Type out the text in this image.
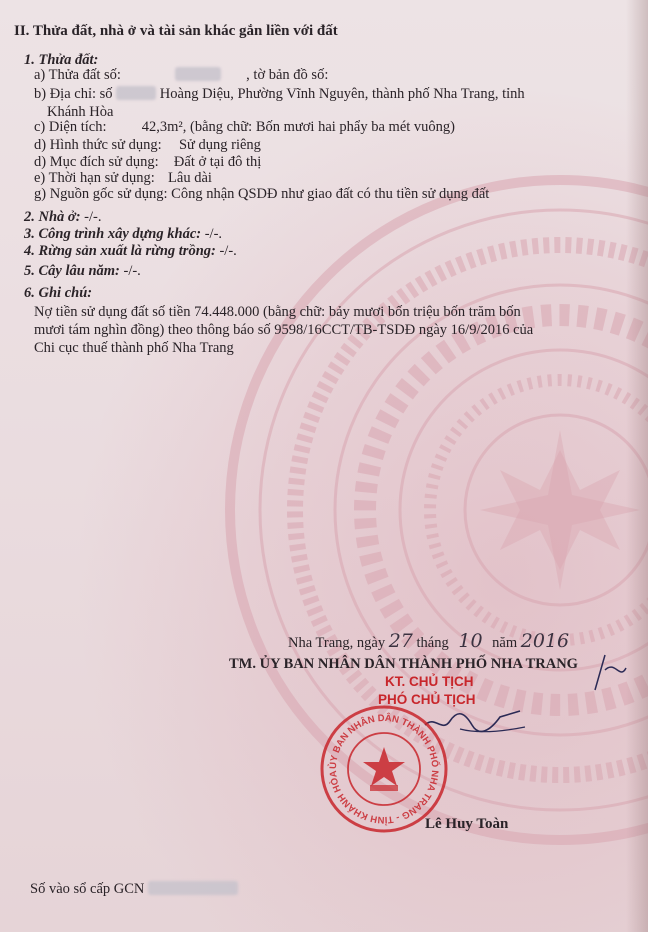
II. Thửa đất, nhà ở và tài sản khác gắn liền với đất
1. Thửa đất:
a) Thửa đất số:	, tờ bản đồ số:
b) Địa chỉ: số	Hoàng Diệu, Phường Vĩnh Nguyên, thành phố Nha Trang, tỉnh
Khánh Hòa
c) Diện tích: 42,3m², (bằng chữ: Bốn mươi hai phẩy ba mét vuông)
d) Hình thức sử dụng: Sử dụng riêng
d) Mục đích sử dụng: Đất ở tại đô thị
e) Thời hạn sử dụng: Lâu dài
g) Nguồn gốc sử dụng: Công nhận QSDĐ như giao đất có thu tiền sử dụng đất
2. Nhà ở: -/-.
3. Công trình xây dựng khác: -/-.
4. Rừng sản xuất là rừng trồng: -/-.
5. Cây lâu năm: -/-.
6. Ghi chú:
Nợ tiền sử dụng đất số tiền 74.448.000 (bằng chữ: bảy mươi bốn triệu bốn trăm bốn
mươi tám nghìn đồng) theo thông báo số 9598/16CCT/TB-TSDĐ ngày 16/9/2016 của
Chi cục thuế thành phố Nha Trang
Nha Trang, ngày 27 tháng 10 năm 2016
TM. ỦY BAN NHÂN DÂN THÀNH PHỐ NHA TRANG
KT. CHỦ TỊCH
PHÓ CHỦ TỊCH
ỦY BAN NHÂN DÂN THÀNH PHỐ NHA TRANG - TỈNH KHÁNH HÒA
Lê Huy Toàn
Số vào sổ cấp GCN
